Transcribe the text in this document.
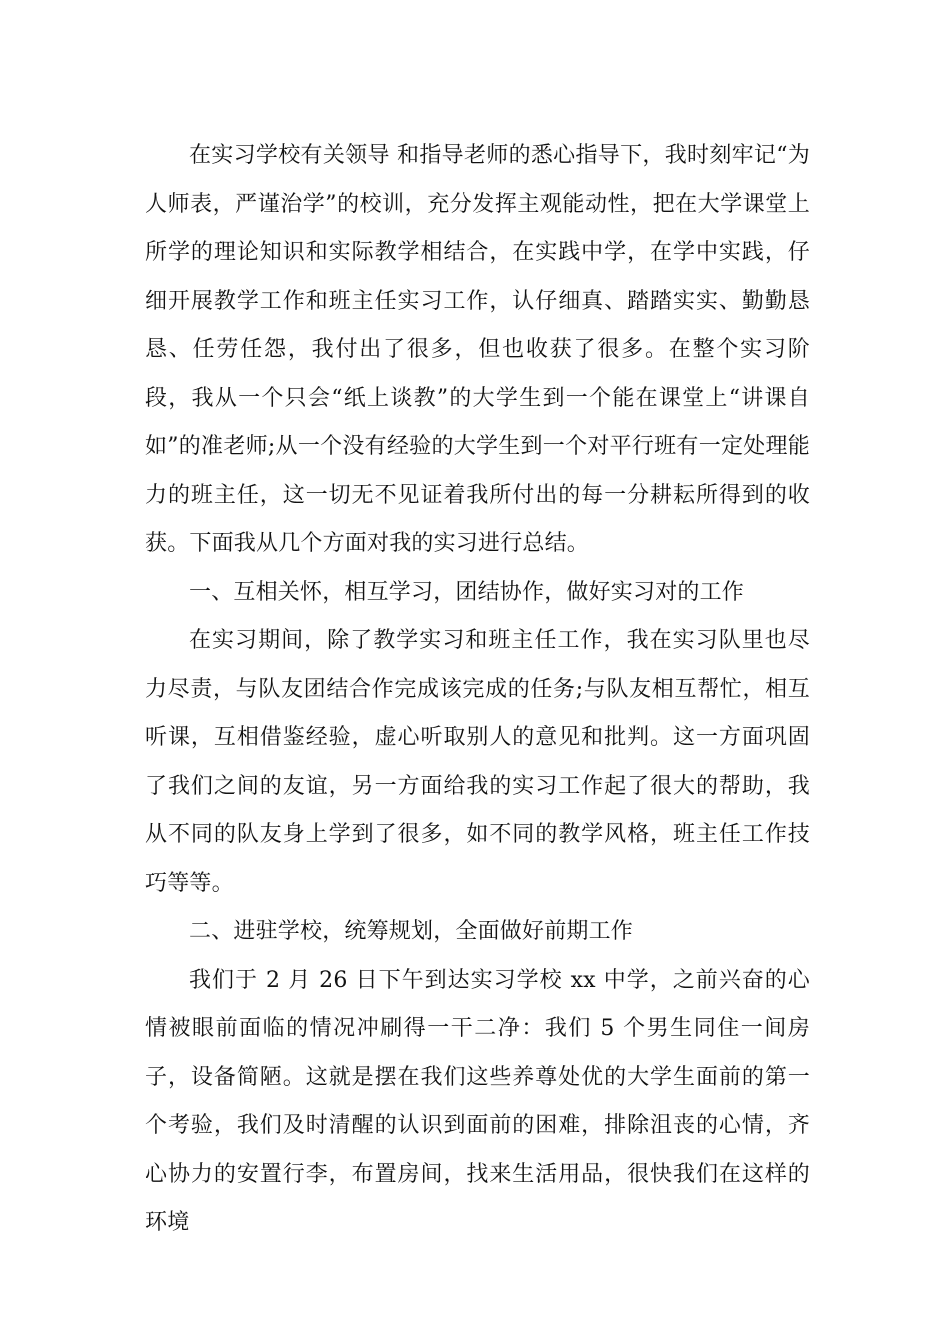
在实习学校有关领导 和指导老师的悉心指导下，我时刻牢记“为人师表，严谨治学”的校训，充分发挥主观能动性，把在大学课堂上所学的理论知识和实际教学相结合，在实践中学，在学中实践，仔细开展教学工作和班主任实习工作，认仔细真、踏踏实实、勤勤恳恳、任劳任怨，我付出了很多，但也收获了很多。在整个实习阶段，我从一个只会“纸上谈教”的大学生到一个能在课堂上“讲课自如”的准老师;从一个没有经验的大学生到一个对平行班有一定处理能力的班主任，这一切无不见证着我所付出的每一分耕耘所得到的收获。下面我从几个方面对我的实习进行总结。

一、互相关怀，相互学习，团结协作，做好实习对的工作

在实习期间，除了教学实习和班主任工作，我在实习队里也尽力尽责，与队友团结合作完成该完成的任务;与队友相互帮忙，相互听课，互相借鉴经验，虚心听取别人的意见和批判。这一方面巩固了我们之间的友谊，另一方面给我的实习工作起了很大的帮助，我从不同的队友身上学到了很多，如不同的教学风格，班主任工作技巧等等。

二、进驻学校，统筹规划，全面做好前期工作

我们于 2 月 26 日下午到达实习学校 xx 中学，之前兴奋的心情被眼前面临的情况冲刷得一干二净：我们 5 个男生同住一间房子，设备简陋。这就是摆在我们这些养尊处优的大学生面前的第一个考验，我们及时清醒的认识到面前的困难，排除沮丧的心情，齐心协力的安置行李，布置房间，找来生活用品，很快我们在这样的环境
